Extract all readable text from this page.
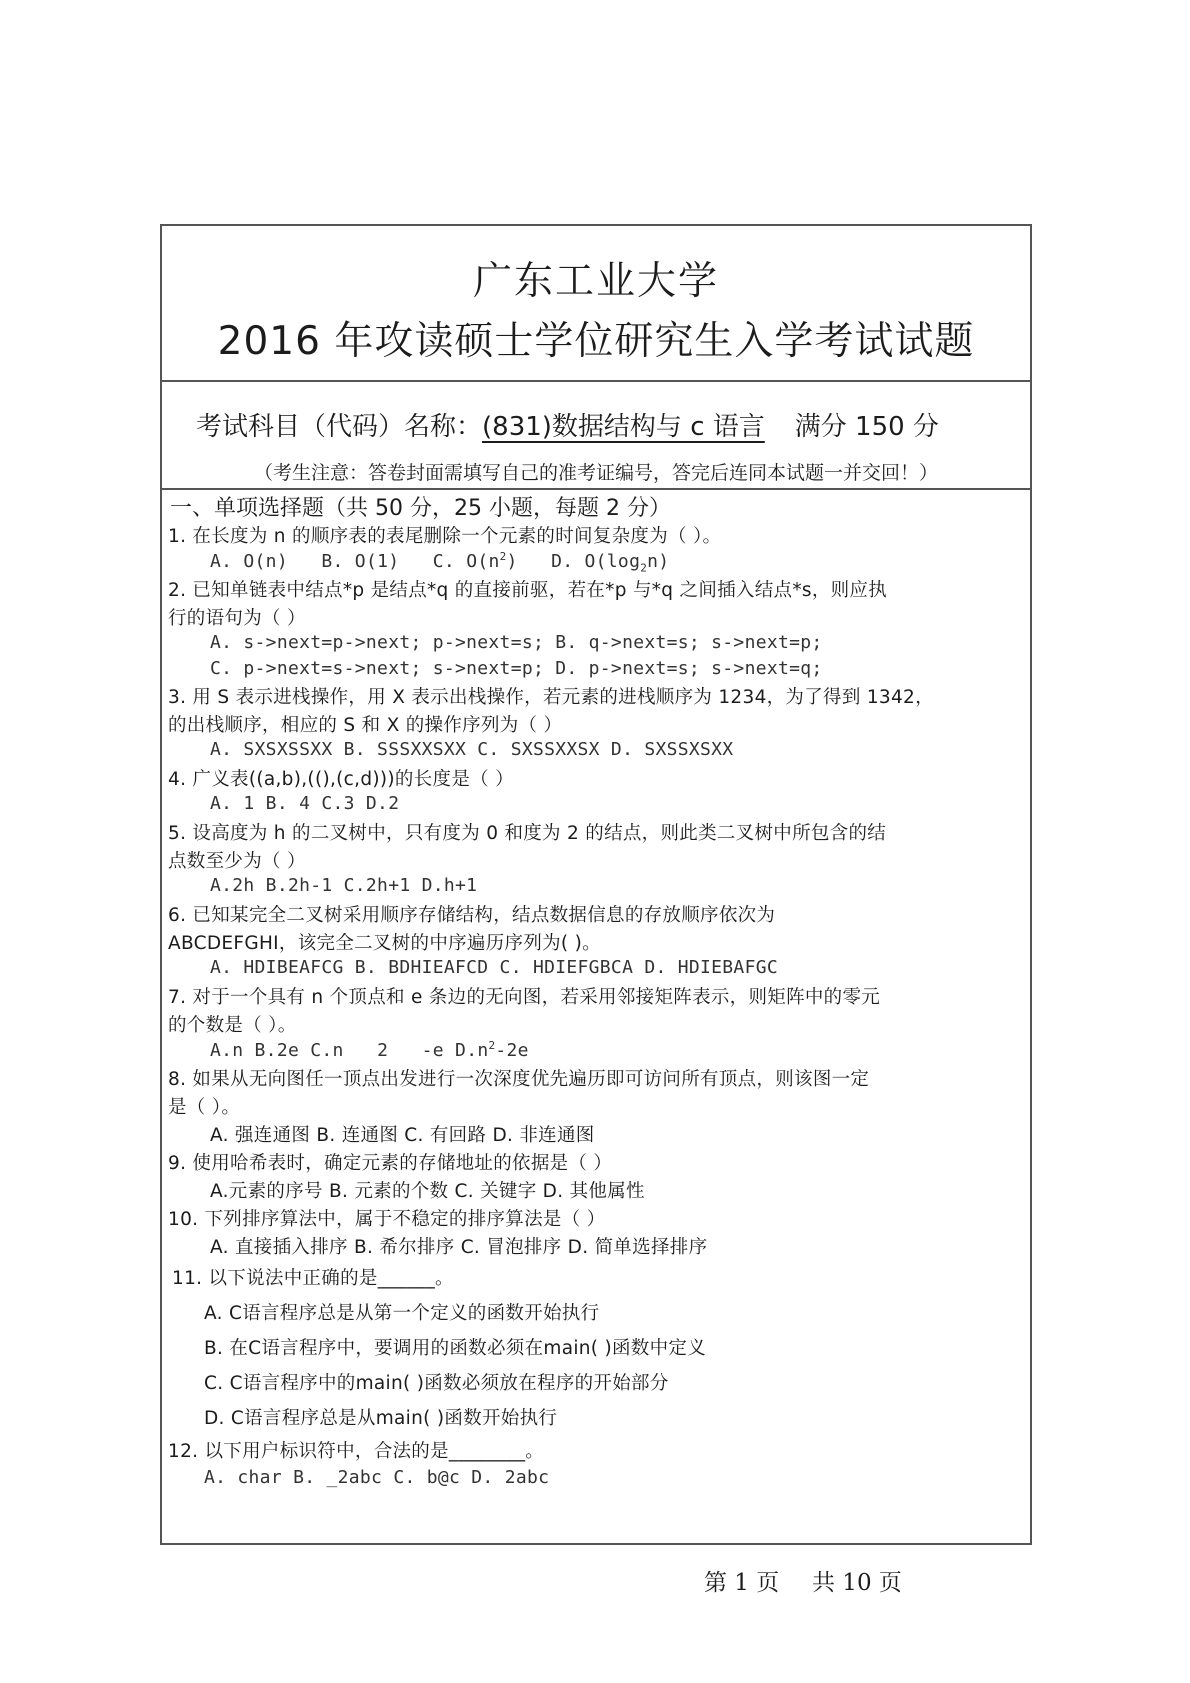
广东工业大学
2016 年攻读硕士学位研究生入学考试试题
考试科目（代码）名称：(831)数据结构与 c 语言 满分 150 分
（考生注意：答卷封面需填写自己的准考证编号，答完后连同本试题一并交回！）
一、单项选择题（共 50 分，25 小题，每题 2 分）
1. 在长度为 n 的顺序表的表尾删除一个元素的时间复杂度为（ ）。
A. O(n) B. O(1) C. $O(n^2)$ D. $O(\log_2n)$
2. 已知单链表中结点*p 是结点*q 的直接前驱，若在*p 与*q 之间插入结点*s，则应执
行的语句为（ ）
A. s->next=p->next; p->next=s; B. q->next=s; s->next=p;
C. p->next=s->next; s->next=p; D. p->next=s; s->next=q;
3. 用 S 表示进栈操作，用 X 表示出栈操作，若元素的进栈顺序为 1234，为了得到 1342，
的出栈顺序，相应的 S 和 X 的操作序列为（ ）
A. SXSXSSXX B. SSSXXSXX C. SXSSXXSX D. SXSSXSXX
4. 广义表((a,b),((),(c,d)))的长度是（ ）
A. 1 B. 4 C.3 D.2
5. 设高度为 h 的二叉树中，只有度为 0 和度为 2 的结点，则此类二叉树中所包含的结
点数至少为（ ）
A.2h B.2h-1 C.2h+1 D.h+1
6. 已知某完全二叉树采用顺序存储结构，结点数据信息的存放顺序依次为
ABCDEFGHI，该完全二叉树的中序遍历序列为( )。
A. HDIBEAFCG B. BDHIEAFCD C. HDIEFGBCA D. HDIEBAFGC
7. 对于一个具有 n 个顶点和 e 条边的无向图，若采用邻接矩阵表示，则矩阵中的零元
的个数是（ ）。
A.n B.2e C.n 2 -e $D.n^2-2e$
8. 如果从无向图任一顶点出发进行一次深度优先遍历即可访问所有顶点，则该图一定
是（ ）。
A. 强连通图 B. 连通图 C. 有回路 D. 非连通图
9. 使用哈希表时，确定元素的存储地址的依据是（ ）
A.元素的序号 B. 元素的个数 C. 关键字 D. 其他属性
10. 下列排序算法中，属于不稳定的排序算法是（ ）
A. 直接插入排序 B. 希尔排序 C. 冒泡排序 D. 简单选择排序
11. 以下说法中正确的是______。
A. C语言程序总是从第一个定义的函数开始执行
B. 在C语言程序中，要调用的函数必须在main( )函数中定义
C. C语言程序中的main( )函数必须放在程序的开始部分
D. C语言程序总是从main( )函数开始执行
12. 以下用户标识符中，合法的是________。
A. char B. _2abc C. b@c D. 2abc
第 1 页 共 10 页
